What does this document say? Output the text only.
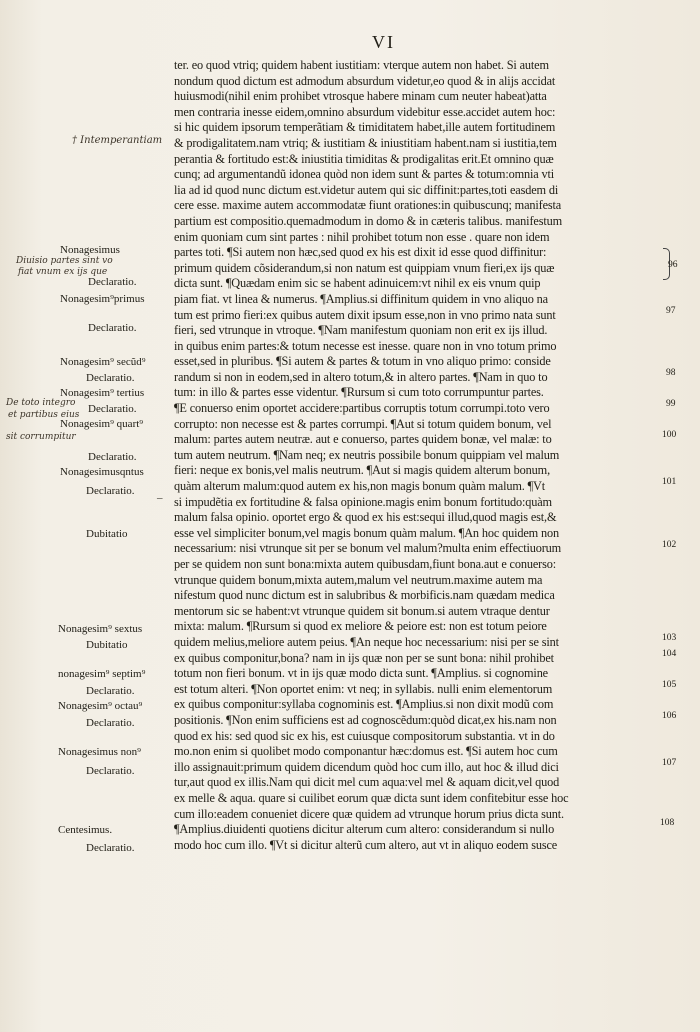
VI
ter. eo quod vtriq; quidem habent iustitiam: vterque autem non habet. Si autem
nondum quod dictum est admodum absurdum videtur,eo quod & in alijs accidat
huiusmodi(nihil enim prohibet vtrosque habere minam cum neuter habeat)atta
men contraria inesse eidem,omnino absurdum videbitur esse.accidet autem hoc:
si hic quidem ipsorum temperãtiam & timiditatem habet,ille autem fortitudinem
& prodigalitatem.nam vtriq; & iustitiam & iniustitiam habent.nam si iustitia,tem
perantia & fortitudo est:& iniustitia timiditas & prodigalitas erit.Et omnino quæ
cunq; ad argumentandũ idonea quòd non idem sunt & partes & totum:omnia vti
lia ad id quod nunc dictum est.videtur autem qui sic diffinit:partes,toti easdem di
cere esse. maxime autem accommodatæ fiunt orationes:in quibuscunq; manifesta
partium est compositio.quemadmodum in domo & in cæteris talibus. manifestum
enim quoniam cum sint partes : nihil prohibet totum non esse . quare non idem
partes toti. ¶Si autem non hæc,sed quod ex his est dixit id esse quod diffinitur:
primum quidem cõsiderandum,si non natum est quippiam vnum fieri,ex ijs quæ
dicta sunt. ¶Quædam enim sic se habent adinuicem:vt nihil ex eis vnum quip
piam fiat. vt linea & numerus. ¶Amplius.si diffinitum quidem in vno aliquo na
tum est primo fieri:ex quibus autem dixit ipsum esse,non in vno primo nata sunt
fieri, sed vtrunque in vtroque. ¶Nam manifestum quoniam non erit ex ijs illud.
in quibus enim partes:& totum necesse est inesse. quare non in vno totum primo
esset,sed in pluribus. ¶Si autem & partes & totum in vno aliquo primo: conside
randum si non in eodem,sed in altero totum,& in altero partes. ¶Nam in quo to
tum: in illo & partes esse videntur. ¶Rursum si cum toto corrumpuntur partes.
¶E conuerso enim oportet accidere:partibus corruptis totum corrumpi.toto vero
corrupto: non necesse est & partes corrumpi. ¶Aut si totum quidem bonum, vel
malum: partes autem neutræ. aut e conuerso, partes quidem bonæ, vel malæ: to
tum autem neutrum. ¶Nam neq; ex neutris possibile bonum quippiam vel malum
fieri: neque ex bonis,vel malis neutrum. ¶Aut si magis quidem alterum bonum,
quàm alterum malum:quod autem ex his,non magis bonum quàm malum. ¶Vt
si impudẽtia ex fortitudine & falsa opinione.magis enim bonum fortitudo:quàm
malum falsa opinio. oportet ergo & quod ex his est:sequi illud,quod magis est,&
esse vel simpliciter bonum,vel magis bonum quàm malum. ¶An hoc quidem non
necessarium: nisi vtrunque sit per se bonum vel malum?multa enim effectiuorum
per se quidem non sunt bona:mixta autem quibusdam,fiunt bona.aut e conuerso:
vtrunque quidem bonum,mixta autem,malum vel neutrum.maxime autem ma
nifestum quod nunc dictum est in salubribus & morbificis.nam quædam medica
mentorum sic se habent:vt vtrunque quidem sit bonum.si autem vtraque dentur
mixta: malum. ¶Rursum si quod ex meliore & peiore est: non est totum peiore
quidem melius,meliore autem peius. ¶An neque hoc necessarium: nisi per se sint
ex quibus componitur,bona? nam in ijs quæ non per se sunt bona: nihil prohibet
totum non fieri bonum. vt in ijs quæ modo dicta sunt. ¶Amplius. si cognomine
est totum alteri. ¶Non oportet enim: vt neq; in syllabis. nulli enim elementorum
ex quibus componitur:syllaba cognominis est. ¶Amplius.si non dixit modũ com
positionis. ¶Non enim sufficiens est ad cognoscẽdum:quòd dicat,ex his.nam non
quod ex his: sed quod sic ex his, est cuiusque compositorum substantia. vt in do
mo.non enim si quolibet modo componantur hæc:domus est. ¶Si autem hoc cum
illo assignauit:primum quidem dicendum quòd hoc cum illo, aut hoc & illud dici
tur,aut quod ex illis.Nam qui dicit mel cum aqua:vel mel & aquam dicit,vel quod
ex melle & aqua. quare si cuilibet eorum quæ dicta sunt idem confitebitur esse hoc
cum illo:eadem conueniet dicere quæ quidem ad vtrunque horum prius dicta sunt.
¶Amplius.diuidenti quotiens dicitur alterum cum altero: considerandum si nullo
modo hoc cum illo. ¶Vt si dicitur alterũ cum altero, aut vt in aliquo eodem susce
Nonagesimus
Declaratio.
Nonagesim⁹primus
Declaratio.
Nonagesim⁹ secũd⁹
Declaratio.
Nonagesim⁹ tertius
Declaratio.
Nonagesim⁹ quart⁹
Declaratio.
Nonagesimusqntus
Declaratio.
Dubitatio
Nonagesim⁹ sextus
Dubitatio
nonagesim⁹ septim⁹
Declaratio.
Nonagesim⁹ octau⁹
Declaratio.
Nonagesimus non⁹
Declaratio.
Centesimus.
Declaratio.
† Intemperantiam
Diuisio partes sint vo
fiat vnum ex ijs que
De toto integro
et partibus eius
sit corrumpitur
–
96
97
98
99
100
101
102
103
104
105
106
107
108
